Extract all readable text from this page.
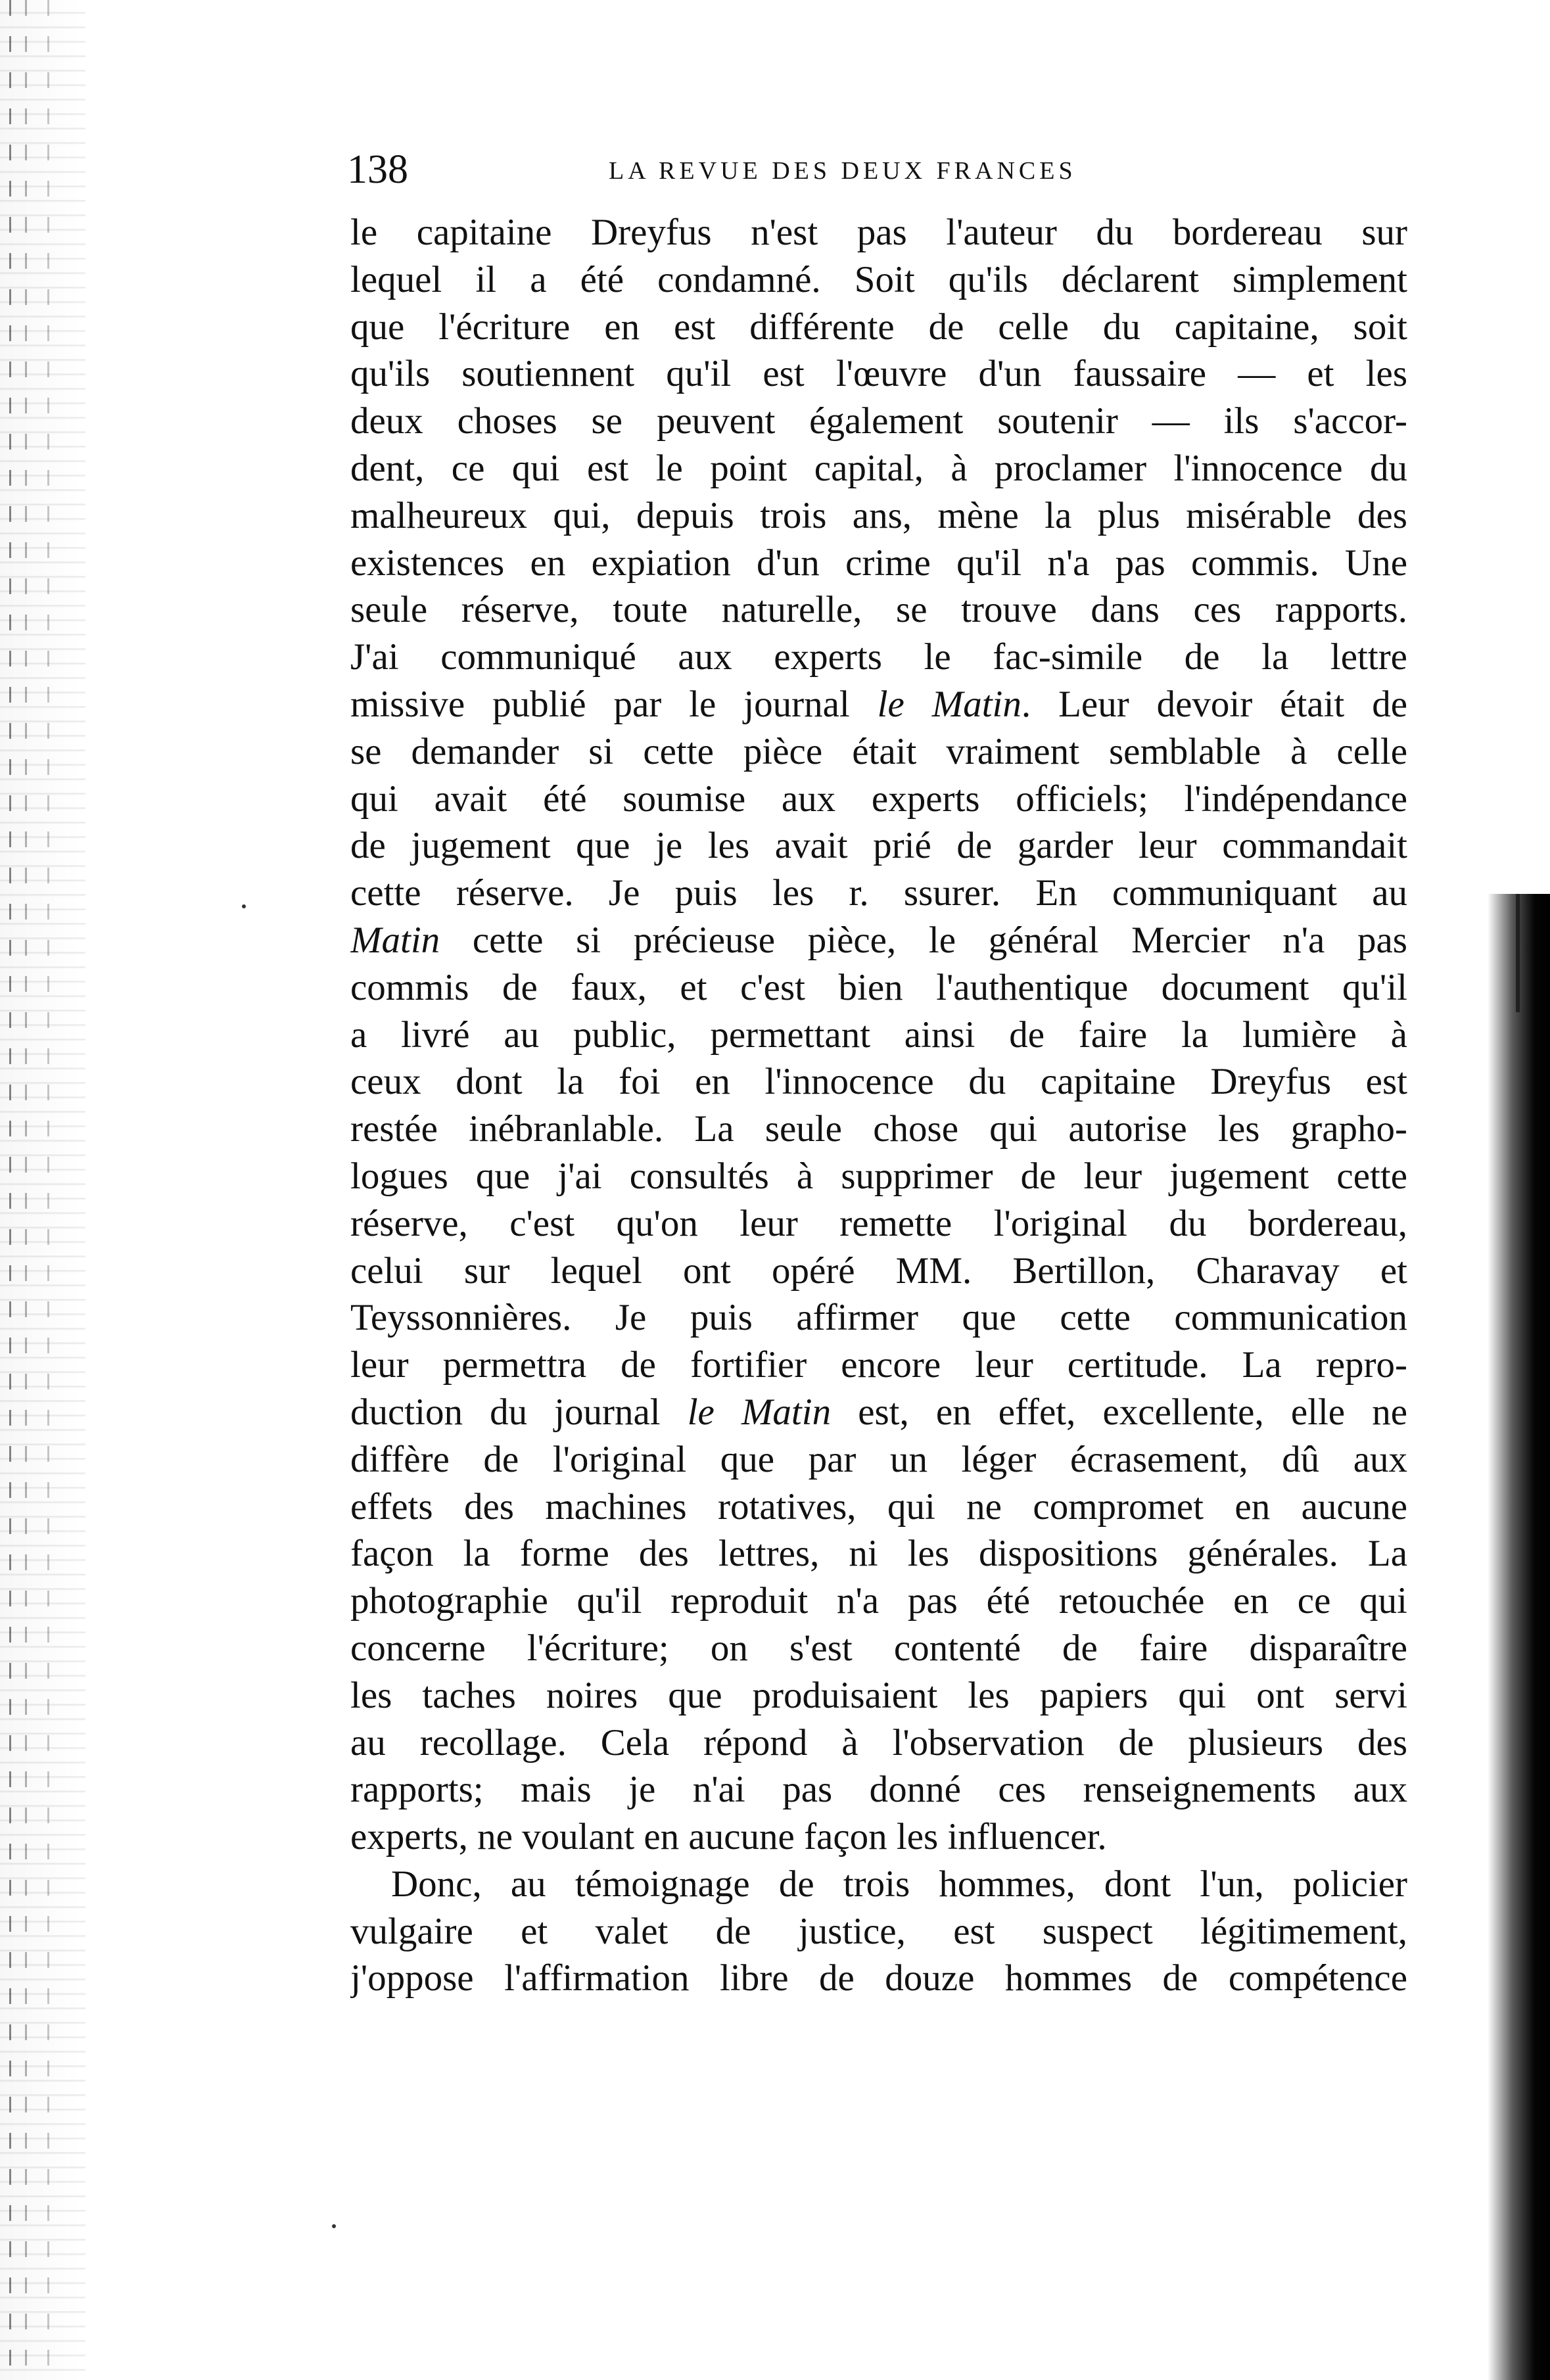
138	LA REVUE DES DEUX FRANCES
le capitaine Dreyfus n'est pas l'auteur du bordereau sur
lequel il a été condamné. Soit qu'ils déclarent simplement
que l'écriture en est différente de celle du capitaine, soit
qu'ils soutiennent qu'il est l'œuvre d'un faussaire — et les
deux choses se peuvent également soutenir — ils s'accor-
dent, ce qui est le point capital, à proclamer l'innocence du
malheureux qui, depuis trois ans, mène la plus misérable des
existences en expiation d'un crime qu'il n'a pas commis. Une
seule réserve, toute naturelle, se trouve dans ces rapports.
J'ai communiqué aux experts le fac-simile de la lettre
missive publié par le journal le Matin. Leur devoir était de
se demander si cette pièce était vraiment semblable à celle
qui avait été soumise aux experts officiels; l'indépendance
de jugement que je les avait prié de garder leur commandait
cette réserve. Je puis les r. ssurer. En communiquant au
Matin cette si précieuse pièce, le général Mercier n'a pas
commis de faux, et c'est bien l'authentique document qu'il
a livré au public, permettant ainsi de faire la lumière à
ceux dont la foi en l'innocence du capitaine Dreyfus est
restée inébranlable. La seule chose qui autorise les grapho-
logues que j'ai consultés à supprimer de leur jugement cette
réserve, c'est qu'on leur remette l'original du bordereau,
celui sur lequel ont opéré MM. Bertillon, Charavay et
Teyssonnières. Je puis affirmer que cette communication
leur permettra de fortifier encore leur certitude. La repro-
duction du journal le Matin est, en effet, excellente, elle ne
diffère de l'original que par un léger écrasement, dû aux
effets des machines rotatives, qui ne compromet en aucune
façon la forme des lettres, ni les dispositions générales. La
photographie qu'il reproduit n'a pas été retouchée en ce qui
concerne l'écriture; on s'est contenté de faire disparaître
les taches noires que produisaient les papiers qui ont servi
au recollage. Cela répond à l'observation de plusieurs des
rapports; mais je n'ai pas donné ces renseignements aux
experts, ne voulant en aucune façon les influencer.
Donc, au témoignage de trois hommes, dont l'un, policier
vulgaire et valet de justice, est suspect légitimement,
j'oppose l'affirmation libre de douze hommes de compétence
